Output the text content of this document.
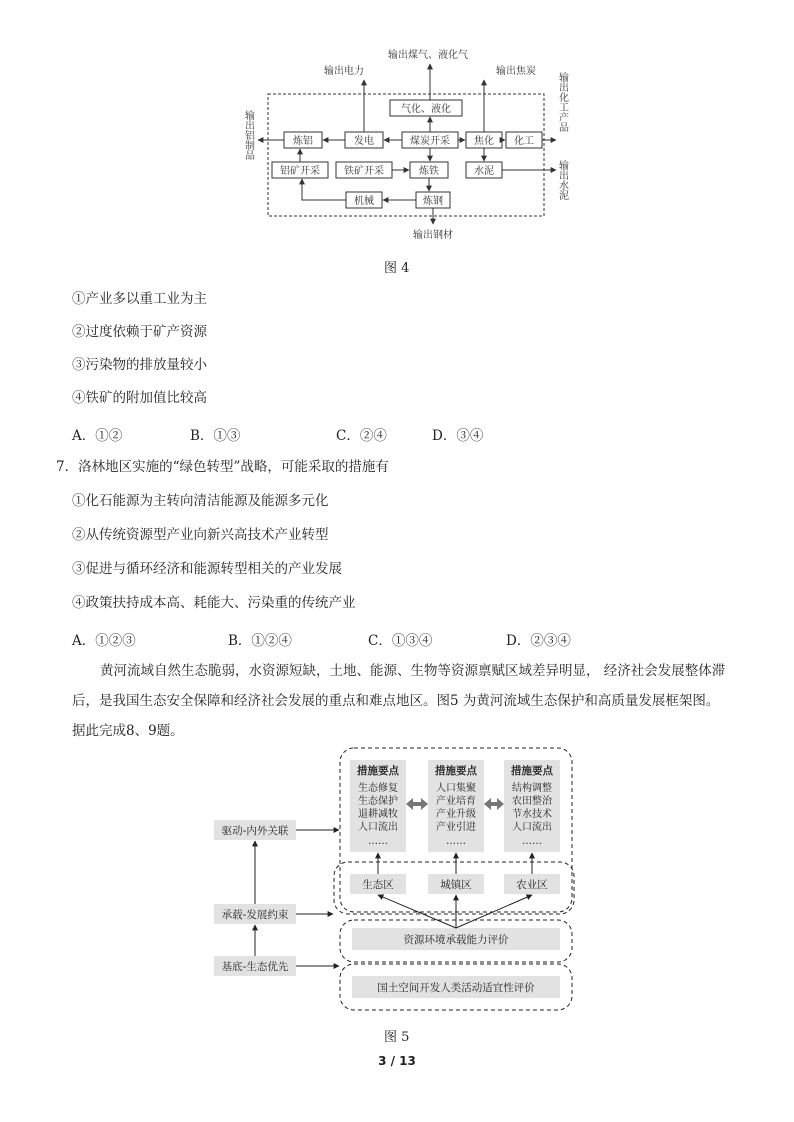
气化、液化
炼铝	发电	煤炭开采 焦化 化工
铝矿开采 铁矿开采	炼铁	水泥
机械	炼钢
输出煤气、液化气
输出电力	输出焦炭
输出钢材
输出铝制品
输出化工产品
输出水泥
图 4
①产业多以重工业为主
②过度依赖于矿产资源
③污染物的排放量较小
④铁矿的附加值比较高
A．①②	B．①③	C．②④	D．③④
7．洛林地区实施的“绿色转型”战略，可能采取的措施有
①化石能源为主转向清洁能源及能源多元化
②从传统资源型产业向新兴高技术产业转型
③促进与循环经济和能源转型相关的产业发展
④政策扶持成本高、耗能大、污染重的传统产业
A．①②③	B．①②④	C．①③④	D．②③④
黄河流域自然生态脆弱，水资源短缺，土地、能源、生物等资源禀赋区域差异明显， 经济社会发展整体滞后，是我国生态安全保障和经济社会发展的重点和难点地区。图5 为黄河流域生态保护和高质量发展框架图。据此完成8、9题。
措施要点	措施要点	措施要点
生态修复
生态保护
退耕减牧
人口流出
……
人口集聚
产业培育
产业升级
产业引进
……
结构调整
农田整治
节水技术
人口流出
……
生态区	城镇区	农业区
资源环境承载能力评价
国土空间开发人类活动适宜性评价
驱动-内外关联
承载-发展约束
基底-生态优先
图 5
3 / 13
